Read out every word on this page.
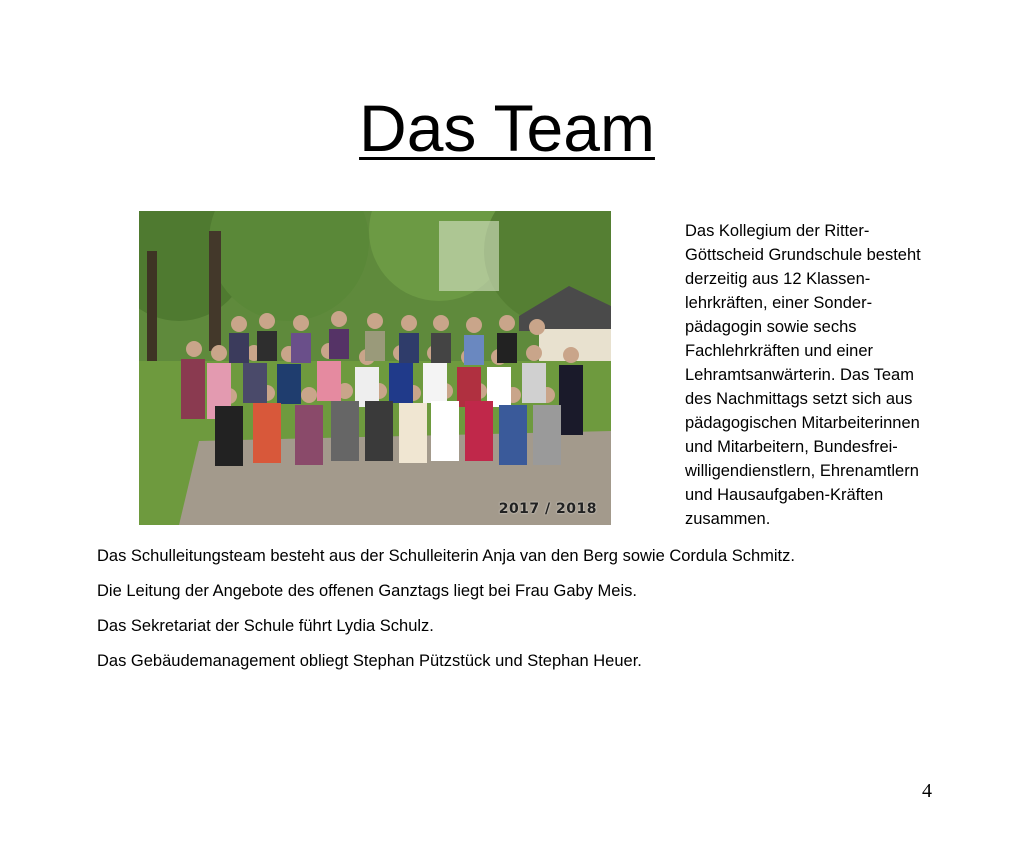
Das Team
2017 / 2018
Das Kollegium der Ritter-
Göttscheid Grundschule besteht
derzeitig aus 12 Klassen-
lehrkräften, einer Sonder-
pädagogin sowie sechs
Fachlehrkräften und einer
Lehramtsanwärterin. Das Team
des Nachmittags setzt sich aus
pädagogischen Mitarbeiterinnen
und Mitarbeitern, Bundesfrei-
willigendienstlern, Ehrenamtlern
und Hausaufgaben-Kräften
zusammen.

Das Schulleitungsteam besteht aus der Schulleiterin Anja van den Berg sowie Cordula Schmitz.

Die Leitung der Angebote des offenen Ganztags liegt bei Frau Gaby Meis.

Das Sekretariat der Schule führt Lydia Schulz.

Das Gebäudemanagement obliegt Stephan Pützstück und Stephan Heuer.

4
